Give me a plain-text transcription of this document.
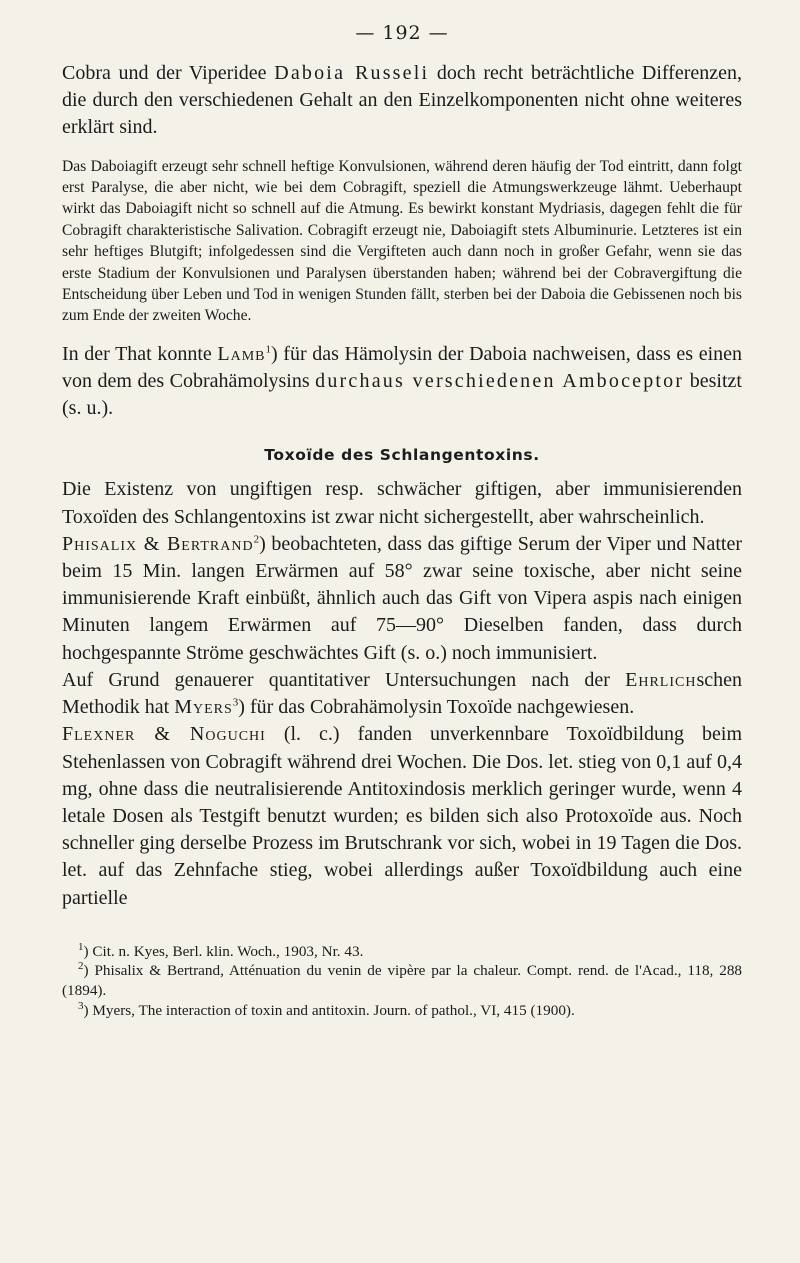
— 192 —

Cobra und der Viperidee Daboia Russeli doch recht beträchtliche Differenzen, die durch den verschiedenen Gehalt an den Einzelkomponenten nicht ohne weiteres erklärt sind.

Das Daboiagift erzeugt sehr schnell heftige Konvulsionen, während deren häufig der Tod eintritt, dann folgt erst Paralyse, die aber nicht, wie bei dem Cobragift, speziell die Atmungswerkzeuge lähmt. Ueberhaupt wirkt das Daboiagift nicht so schnell auf die Atmung. Es bewirkt konstant Mydriasis, dagegen fehlt die für Cobragift charakteristische Salivation. Cobragift erzeugt nie, Daboiagift stets Albuminurie. Letzteres ist ein sehr heftiges Blutgift; infolgedessen sind die Vergifteten auch dann noch in großer Gefahr, wenn sie das erste Stadium der Konvulsionen und Paralysen überstanden haben; während bei der Cobravergiftung die Entscheidung über Leben und Tod in wenigen Stunden fällt, sterben bei der Daboia die Gebissenen noch bis zum Ende der zweiten Woche.

In der That konnte Lamb$^1$) für das Hämolysin der Daboia nachweisen, dass es einen von dem des Cobrahämolysins durchaus verschiedenen Amboceptor besitzt (s. u.).

Toxoïde des Schlangentoxins.

Die Existenz von ungiftigen resp. schwächer giftigen, aber immunisierenden Toxoïden des Schlangentoxins ist zwar nicht sichergestellt, aber wahrscheinlich.

Phisalix & Bertrand$^2$) beobachteten, dass das giftige Serum der Viper und Natter beim 15 Min. langen Erwärmen auf 58° zwar seine toxische, aber nicht seine immunisierende Kraft einbüßt, ähnlich auch das Gift von Vipera aspis nach einigen Minuten langem Erwärmen auf 75—90° Dieselben fanden, dass durch hochgespannte Ströme geschwächtes Gift (s. o.) noch immunisiert.

Auf Grund genauerer quantitativer Untersuchungen nach der Ehrlichschen Methodik hat Myers$^3$) für das Cobrahämolysin Toxoïde nachgewiesen.

Flexner & Noguchi (l. c.) fanden unverkennbare Toxoïdbildung beim Stehenlassen von Cobragift während drei Wochen. Die Dos. let. stieg von 0,1 auf 0,4 mg, ohne dass die neutralisierende Antitoxindosis merklich geringer wurde, wenn 4 letale Dosen als Testgift benutzt wurden; es bilden sich also Protoxoïde aus. Noch schneller ging derselbe Prozess im Brutschrank vor sich, wobei in 19 Tagen die Dos. let. auf das Zehnfache stieg, wobei allerdings außer Toxoïdbildung auch eine partielle

$^1$) Cit. n. Kyes, Berl. klin. Woch., 1903, Nr. 43.

$^2$) Phisalix & Bertrand, Atténuation du venin de vipère par la chaleur. Compt. rend. de l'Acad., 118, 288 (1894).

$^3$) Myers, The interaction of toxin and antitoxin. Journ. of pathol., VI, 415 (1900).
